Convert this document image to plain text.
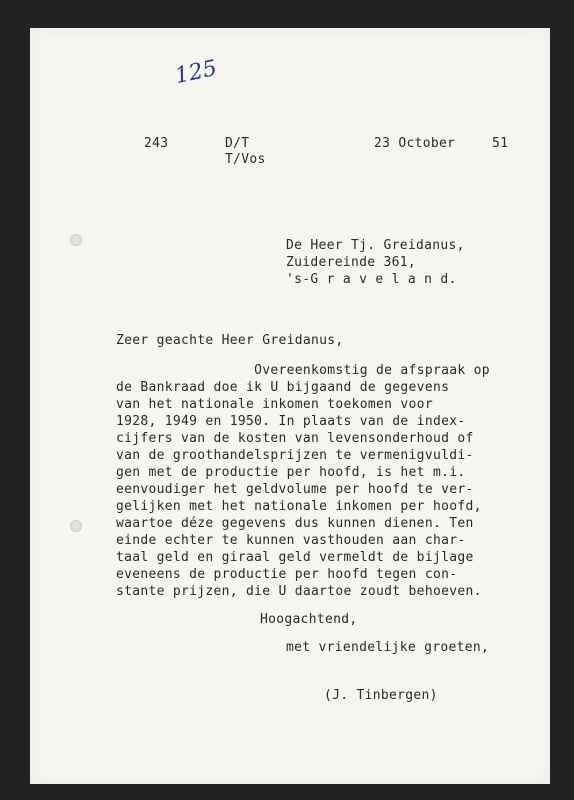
125
243	D/T
T/Vos
23 October	51
De Heer Tj. Greidanus,
Zuidereinde 361,
's-G r a v e l a n d.
Zeer geachte Heer Greidanus,
Overeenkomstig de afspraak op
de Bankraad doe ik U bijgaand de gegevens
van het nationale inkomen toekomen voor
1928, 1949 en 1950. In plaats van de index-
cijfers van de kosten van levensonderhoud of
van de groothandelsprijzen te vermenigvuldi-
gen met de productie per hoofd, is het m.i.
eenvoudiger het geldvolume per hoofd te ver-
gelijken met het nationale inkomen per hoofd,
waartoe déze gegevens dus kunnen dienen. Ten
einde echter te kunnen vasthouden aan char-
taal geld en giraal geld vermeldt de bijlage
eveneens de productie per hoofd tegen con-
stante prijzen, die U daartoe zoudt behoeven.
Hoogachtend,
met vriendelijke groeten,
(J. Tinbergen)
